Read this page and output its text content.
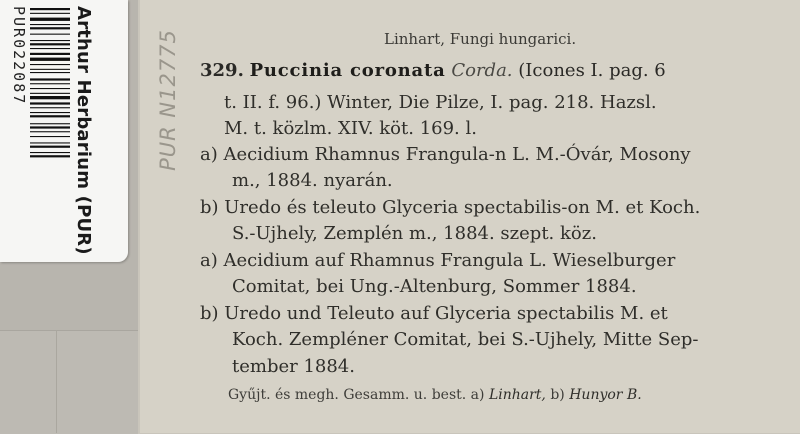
Arthur Herbarium (PUR)
PUR022087	PUR N12775	Linhart, Fungi hungarici.
329. Puccinia coronata Corda. (Icones I. pag. 6
t. II. f. 96.) Winter, Die Pilze, I. pag. 218. Hazsl.
M. t. közlm. XIV. köt. 169. l.
a) Aecidium Rhamnus Frangula-n L. M.-Óvár, Mosony
m., 1884. nyarán.
b) Uredo és teleuto Glyceria spectabilis-on M. et Koch.
S.-Ujhely, Zemplén m., 1884. szept. köz.
a) Aecidium auf Rhamnus Frangula L. Wieselburger
Comitat, bei Ung.-Altenburg, Sommer 1884.
b) Uredo und Teleuto auf Glyceria spectabilis M. et
Koch. Zempléner Comitat, bei S.-Ujhely, Mitte Sep-
tember 1884.
Gyűjt. és megh. Gesamm. u. best. a) Linhart, b) Hunyor B.
